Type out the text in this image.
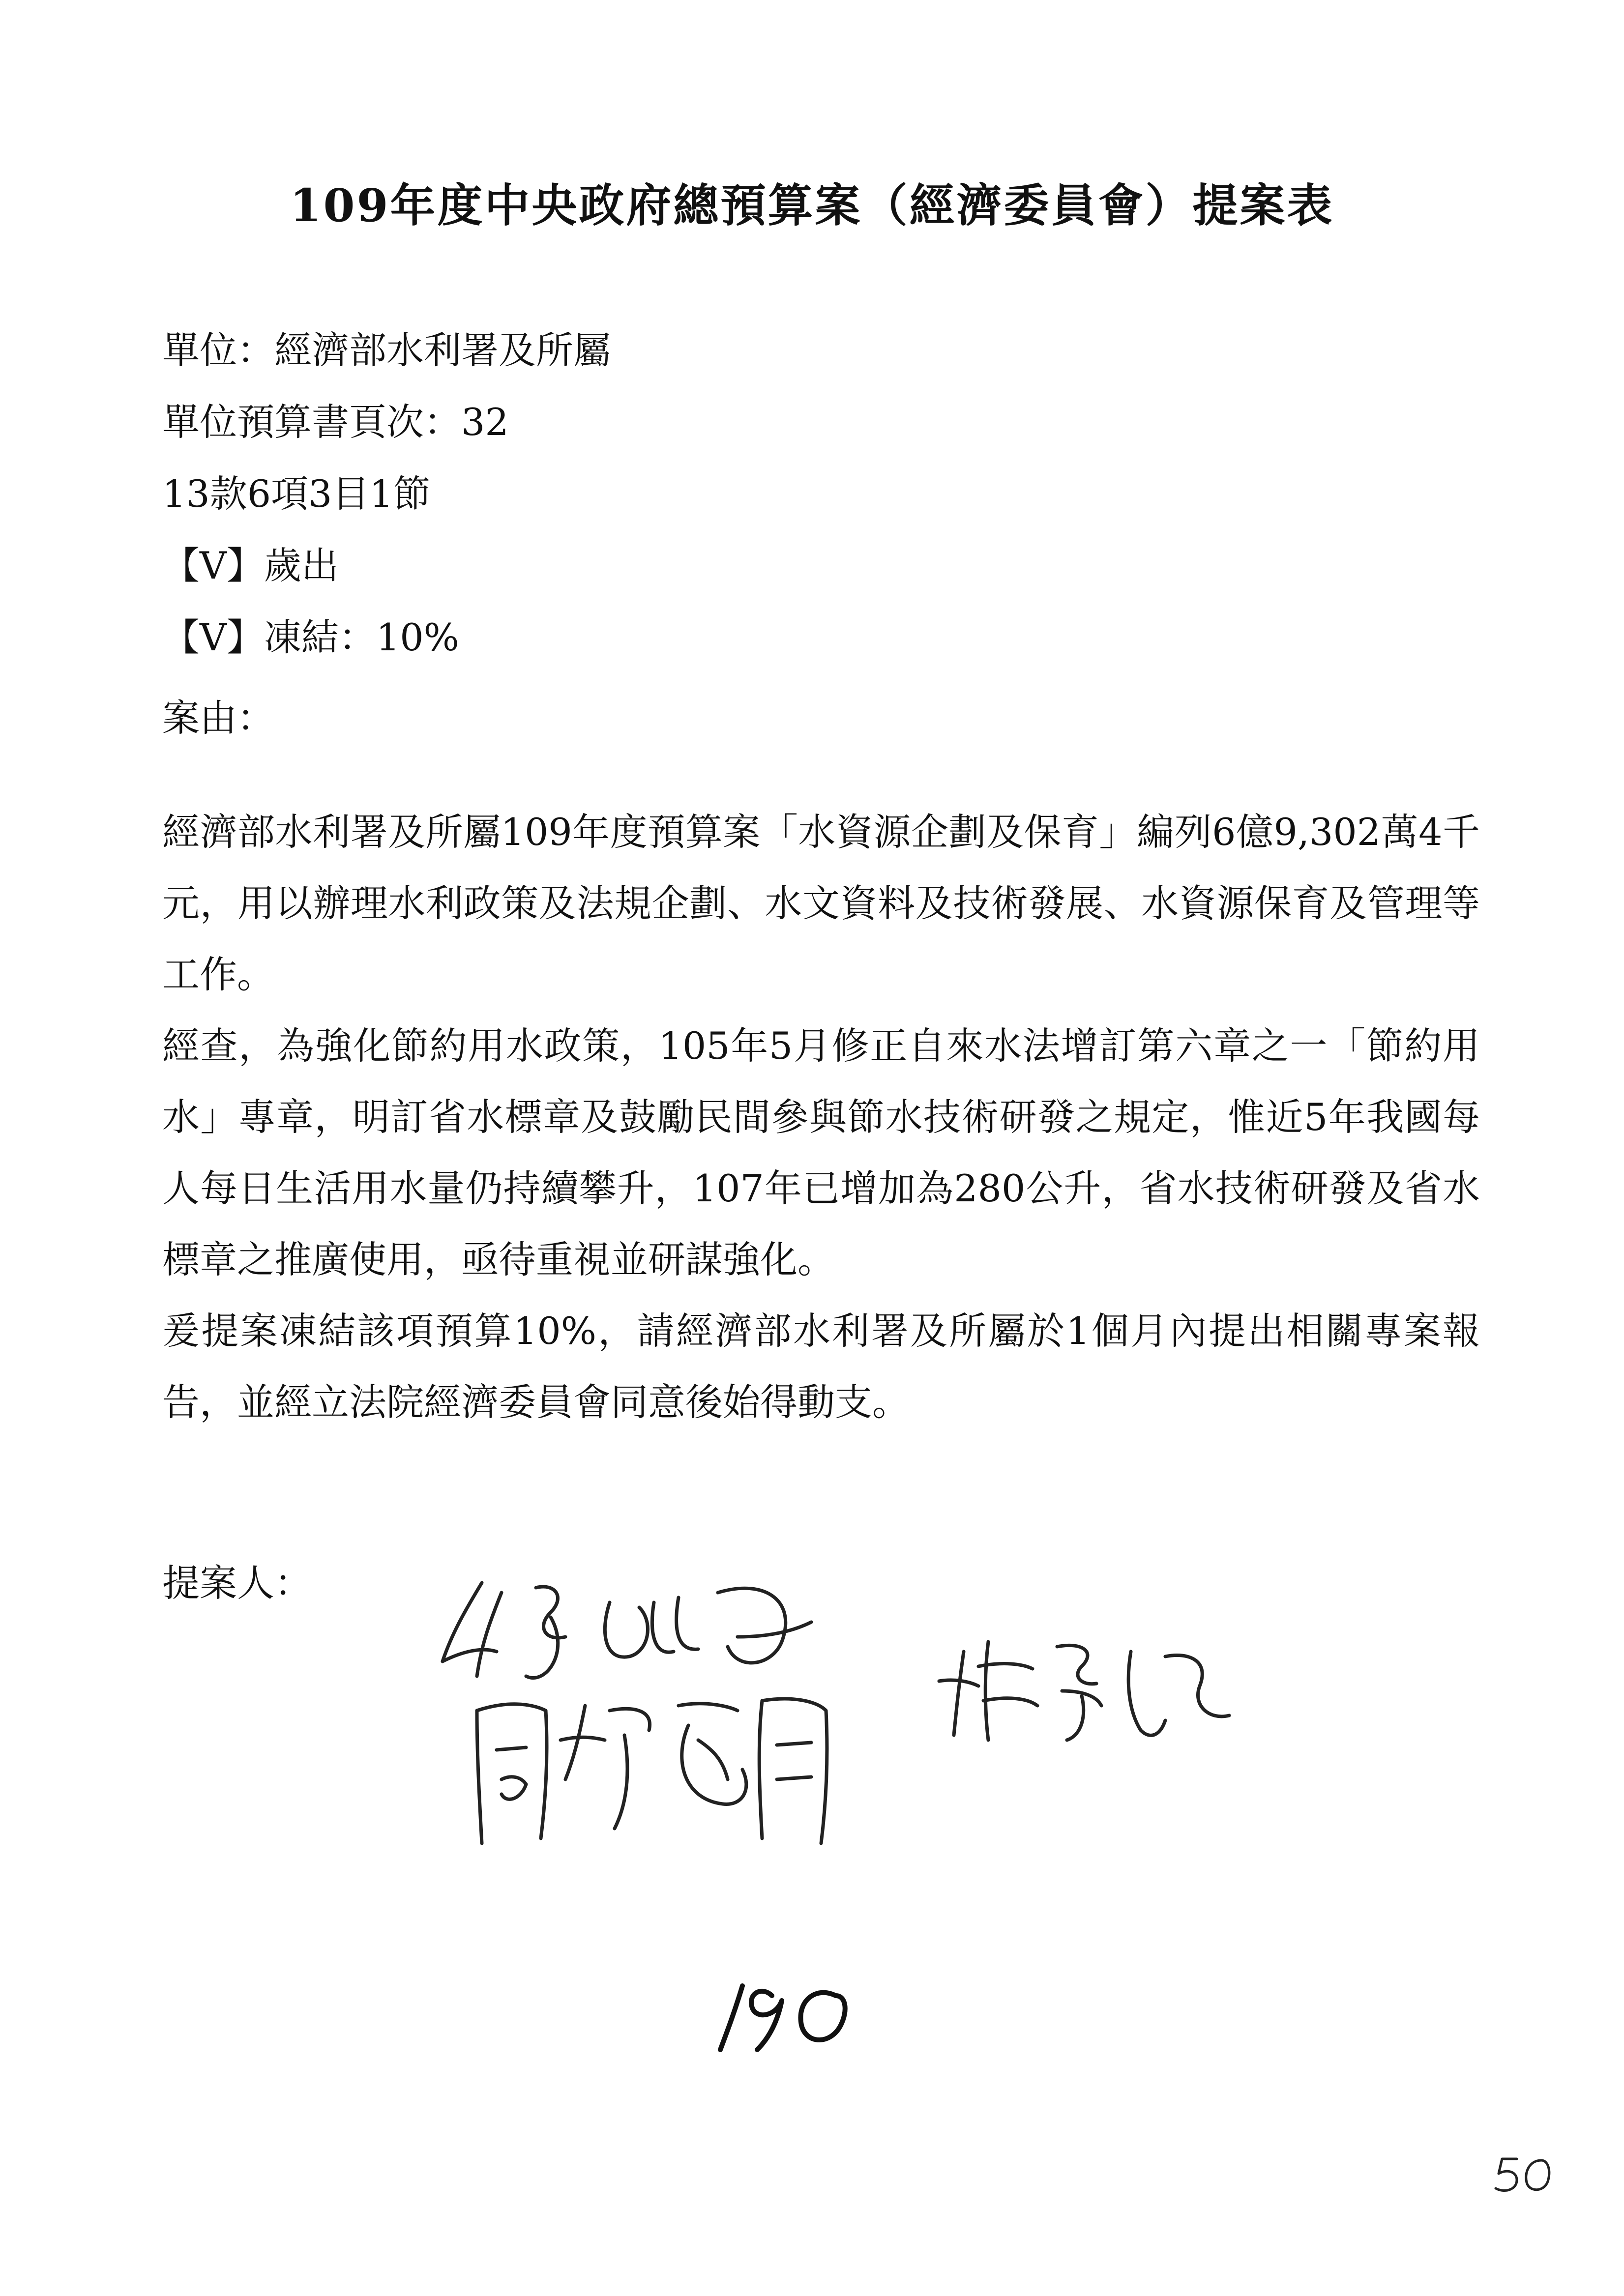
109年度中央政府總預算案（經濟委員會）提案表
單位：經濟部水利署及所屬
單位預算書頁次：32
13款6項3目1節
【V】歲出
【V】凍結：10%
案由：

經濟部水利署及所屬109年度預算案「水資源企劃及保育」編列6億9,302萬4千元，用以辦理水利政策及法規企劃、水文資料及技術發展、水資源保育及管理等工作。

經查，為強化節約用水政策，105年5月修正自來水法增訂第六章之一「節約用水」專章，明訂省水標章及鼓勵民間參與節水技術研發之規定，惟近5年我國每人每日生活用水量仍持續攀升，107年已增加為280公升，省水技術研發及省水標章之推廣使用，亟待重視並研謀強化。

爰提案凍結該項預算10%，請經濟部水利署及所屬於1個月內提出相關專案報告，並經立法院經濟委員會同意後始得動支。

提案人：
